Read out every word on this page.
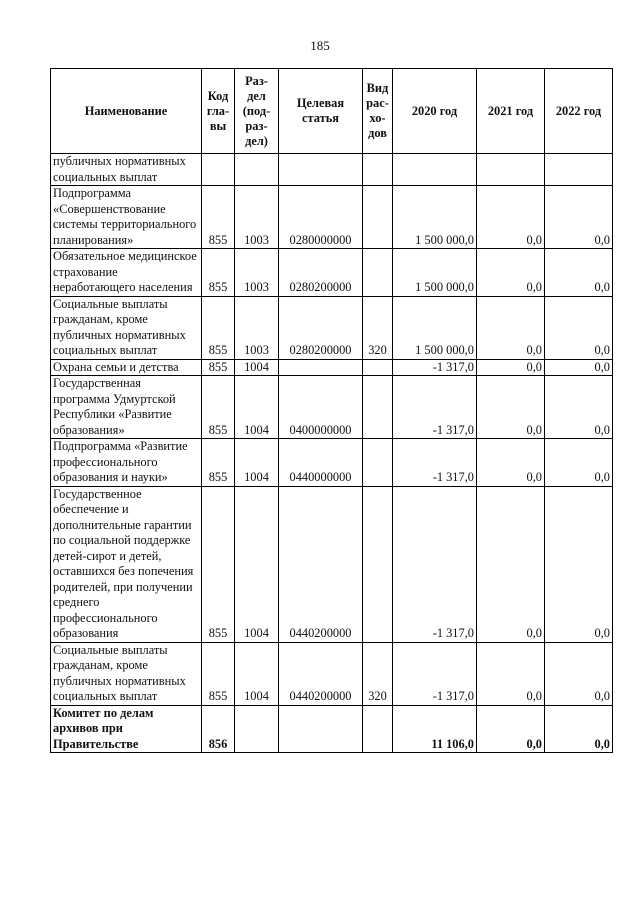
185
Наименование	Код гла- вы	Раз- дел (под- раз- дел)	Целевая статья	Вид рас- хо- дов	2020 год	2021 год	2022 год
публичных нормативных социальных выплат							
Подпрограмма «Совершенствование системы территориального планирования»	855	1003	0280000000		1 500 000,0	0,0	0,0
Обязательное медицинское страхование неработающего населения	855	1003	0280200000		1 500 000,0	0,0	0,0
Социальные выплаты гражданам, кроме публичных нормативных социальных выплат	855	1003	0280200000	320	1 500 000,0	0,0	0,0
Охрана семьи и детства	855	1004			-1 317,0	0,0	0,0
Государственная программа Удмуртской Республики «Развитие образования»	855	1004	0400000000		-1 317,0	0,0	0,0
Подпрограмма «Развитие профессионального образования и науки»	855	1004	0440000000		-1 317,0	0,0	0,0
Государственное обеспечение и дополнительные гарантии по социальной поддержке детей-сирот и детей, оставшихся без попечения родителей, при получении среднего профессионального образования	855	1004	0440200000		-1 317,0	0,0	0,0
Социальные выплаты гражданам, кроме публичных нормативных социальных выплат	855	1004	0440200000	320	-1 317,0	0,0	0,0
Комитет по делам архивов при Правительстве	856				11 106,0	0,0	0,0
